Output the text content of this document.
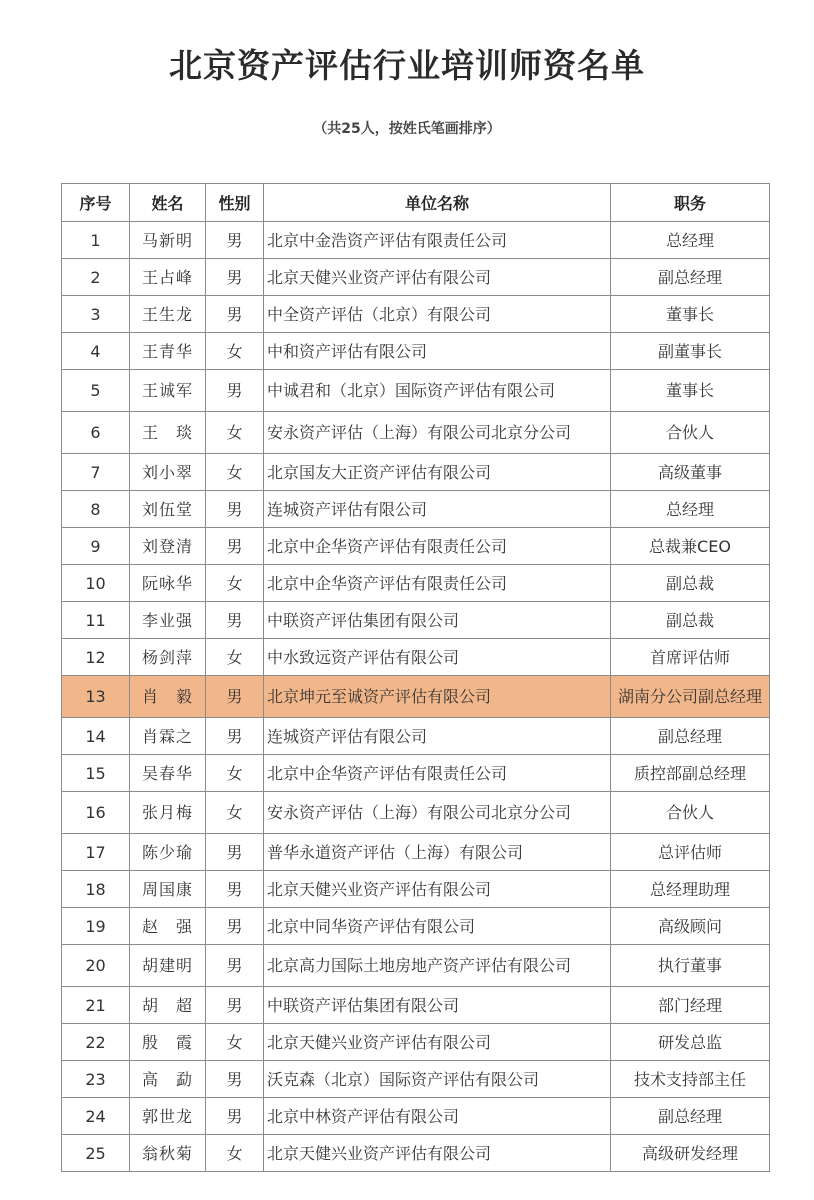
北京资产评估行业培训师资名单
（共25人，按姓氏笔画排序）
序号	姓名	性别	单位名称	职务
1	马新明	男	北京中金浩资产评估有限责任公司	总经理
2	王占峰	男	北京天健兴业资产评估有限公司	副总经理
3	王生龙	男	中全资产评估（北京）有限公司	董事长
4	王青华	女	中和资产评估有限公司	副董事长
5	王诚军	男	中诚君和（北京）国际资产评估有限公司	董事长
6	王　琰	女	安永资产评估（上海）有限公司北京分公司	合伙人
7	刘小翠	女	北京国友大正资产评估有限公司	高级董事
8	刘伍堂	男	连城资产评估有限公司	总经理
9	刘登清	男	北京中企华资产评估有限责任公司	总裁兼CEO
10	阮咏华	女	北京中企华资产评估有限责任公司	副总裁
11	李业强	男	中联资产评估集团有限公司	副总裁
12	杨剑萍	女	中水致远资产评估有限公司	首席评估师
13	肖　毅	男	北京坤元至诚资产评估有限公司	湖南分公司副总经理
14	肖霖之	男	连城资产评估有限公司	副总经理
15	吴春华	女	北京中企华资产评估有限责任公司	质控部副总经理
16	张月梅	女	安永资产评估（上海）有限公司北京分公司	合伙人
17	陈少瑜	男	普华永道资产评估（上海）有限公司	总评估师
18	周国康	男	北京天健兴业资产评估有限公司	总经理助理
19	赵　强	男	北京中同华资产评估有限公司	高级顾问
20	胡建明	男	北京高力国际土地房地产资产评估有限公司	执行董事
21	胡　超	男	中联资产评估集团有限公司	部门经理
22	殷　霞	女	北京天健兴业资产评估有限公司	研发总监
23	高　勐	男	沃克森（北京）国际资产评估有限公司	技术支持部主任
24	郭世龙	男	北京中林资产评估有限公司	副总经理
25	翁秋菊	女	北京天健兴业资产评估有限公司	高级研发经理
